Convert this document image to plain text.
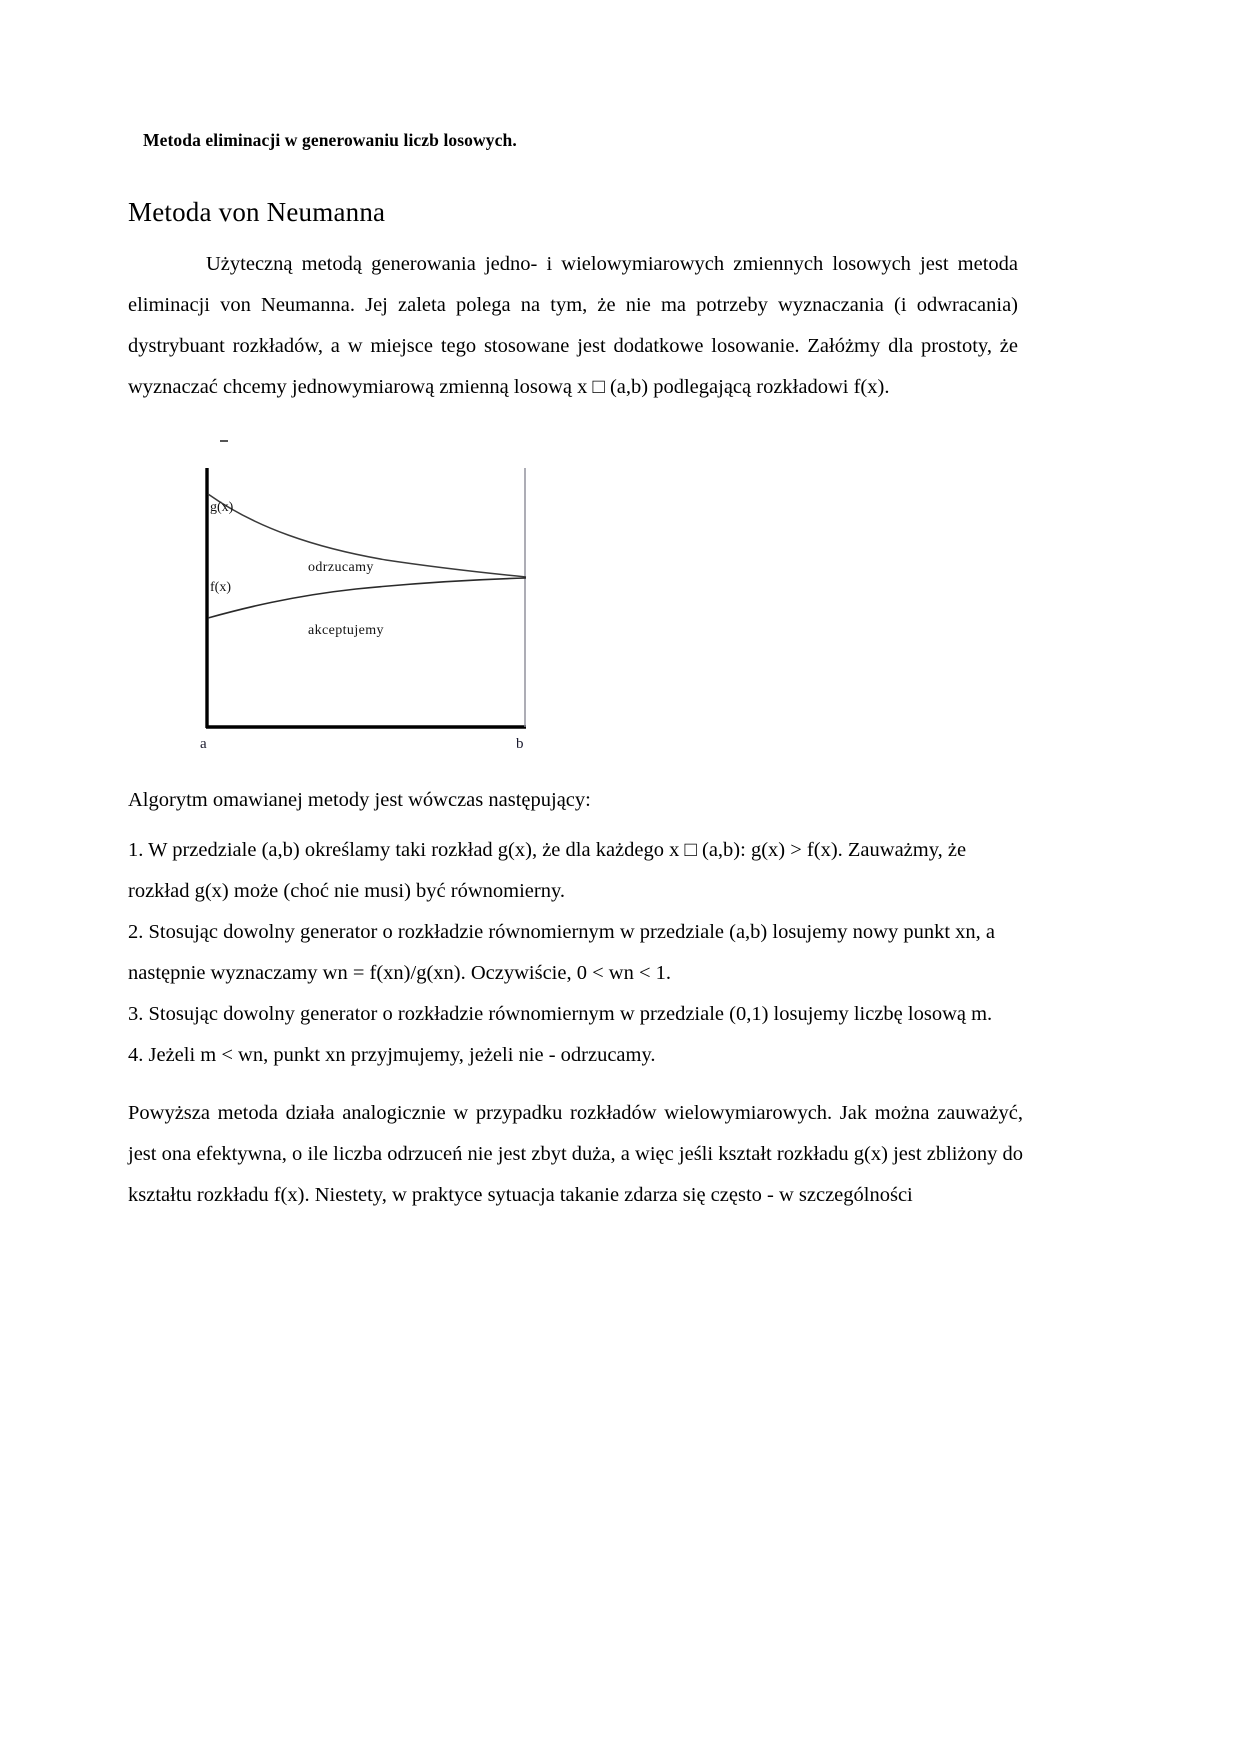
Metoda eliminacji w generowaniu liczb losowych.
Metoda von Neumanna
Użyteczną metodą generowania jedno- i wielowymiarowych zmiennych losowych jest metoda eliminacji von Neumanna. Jej zaleta polega na tym, że nie ma potrzeby wyznaczania (i odwracania) dystrybuant rozkładów, a w miejsce tego stosowane jest dodatkowe losowanie. Załóżmy dla prostoty, że wyznaczać chcemy jednowymiarową zmienną losową x □ (a,b) podlegającą rozkładowi f(x).
g(x)
f(x)
odrzucamy
akceptujemy
a	b
Algorytm omawianej metody jest wówczas następujący:

1. W przedziale (a,b) określamy taki rozkład g(x), że dla każdego x □ (a,b): g(x) > f(x). Zauważmy, że rozkład g(x) może (choć nie musi) być równomierny.

2. Stosując dowolny generator o rozkładzie równomiernym w przedziale (a,b) losujemy nowy punkt xn, a następnie wyznaczamy wn = f(xn)/g(xn). Oczywiście, 0 < wn < 1.

3. Stosując dowolny generator o rozkładzie równomiernym w przedziale (0,1) losujemy liczbę losową m.

4. Jeżeli m < wn, punkt xn przyjmujemy, jeżeli nie - odrzucamy.

Powyższa metoda działa analogicznie w przypadku rozkładów wielowymiarowych. Jak można zauważyć, jest ona efektywna, o ile liczba odrzuceń nie jest zbyt duża, a więc jeśli kształt rozkładu g(x) jest zbliżony do kształtu rozkładu f(x). Niestety, w praktyce sytuacja takanie zdarza się często - w szczególności
